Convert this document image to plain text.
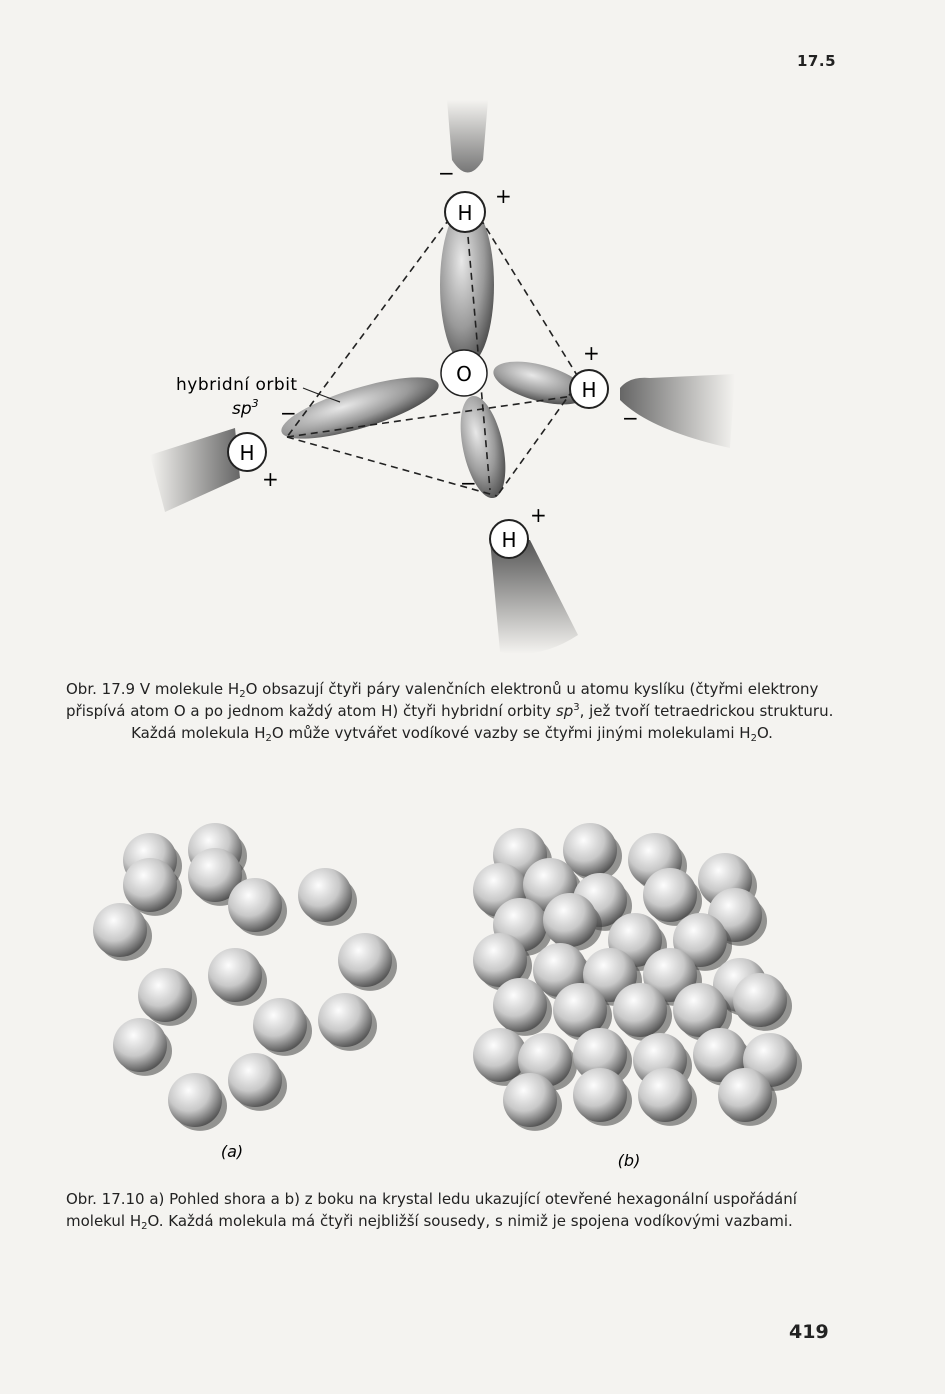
17.5
H
H
H
H
O
+
−
+
−
+
−
+
−
hybridní orbit
$sp^3$
Obr. 17.9 V molekule $H_2O$ obsazují čtyři páry valenčních elektronů u atomu kyslíku (čtyřmi elektrony
přispívá atom O a po jednom každý atom H) čtyři hybridní orbity $sp^3$, jež tvoří tetraedrickou strukturu.
Každá molekula $H_2O$ může vytvářet vodíkové vazby se čtyřmi jinými molekulami $H_2O$.
(a)	(b)
Obr. 17.10 a) Pohled shora a b) z boku na krystal ledu ukazující otevřené hexagonální uspořádání
molekul $H_2O$. Každá molekula má čtyři nejbližší sousedy, s nimiž je spojena vodíkovými vazbami.
419
